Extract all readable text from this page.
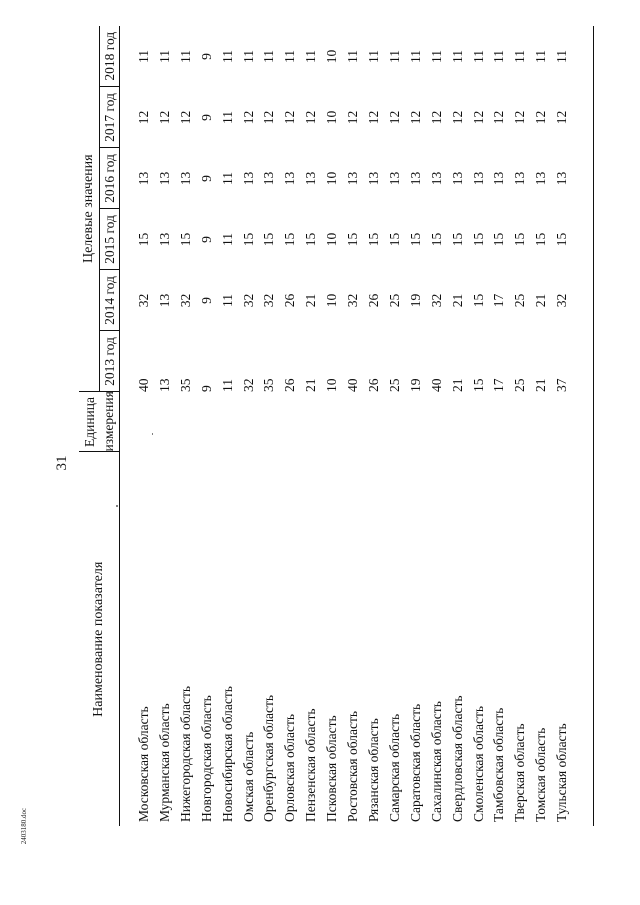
31
Наименование показателя	Единица измерения	Целевые значения					
		2013 год	2014 год	2015 год	2016 год	2017 год	2018 год
Московская область		40	32	15	13	12	11
Мурманская область		13	13	13	13	12	11
Нижегородская область		35	32	15	13	12	11
Новгородская область		9	9	9	9	9	9
Новосибирская область		11	11	11	11	11	11
Омская область		32	32	15	13	12	11
Оренбургская область		35	32	15	13	12	11
Орловская область		26	26	15	13	12	11
Пензенская область		21	21	15	13	12	11
Псковская область		10	10	10	10	10	10
Ростовская область		40	32	15	13	12	11
Рязанская область		26	26	15	13	12	11
Самарская область		25	25	15	13	12	11
Саратовская область		19	19	15	13	12	11
Сахалинская область		40	32	15	13	12	11
Свердловская область		21	21	15	13	12	11
Смоленская область		15	15	15	13	12	11
Тамбовская область		17	17	15	13	12	11
Тверская область		25	25	15	13	12	11
Томская область		21	21	15	13	12	11
Тульская область		37	32	15	13	12	11
2403180.doc
